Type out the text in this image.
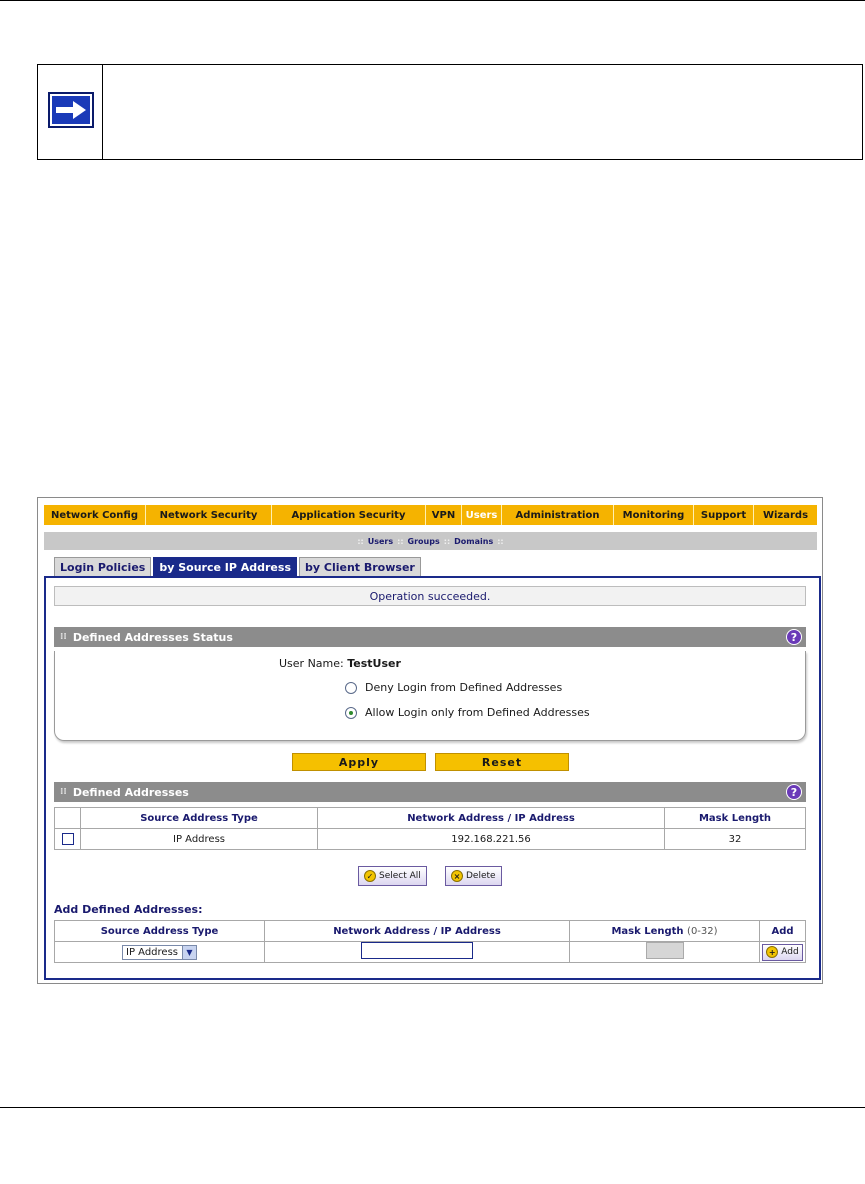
Network Config	Network Security	Application Security	VPN	Users	Administration	Monitoring	Support	Wizards
:: Users :: Groups :: Domains ::
Login Policies	by Source IP Address	by Client Browser
Operation succeeded.
⁞⁞ Defined Addresses Status	?
User Name: TestUser
Deny Login from Defined Addresses
Allow Login only from Defined Addresses
Apply	Reset
⁞⁞ Defined Addresses	?
	Source Address Type	Network Address / IP Address	Mask Length
	IP Address	192.168.221.56	32
✓ Select All	× Delete
Add Defined Addresses:
Source Address Type	Network Address / IP Address	Mask Length (0-32)	Add

IP Address ▼			+ Add
